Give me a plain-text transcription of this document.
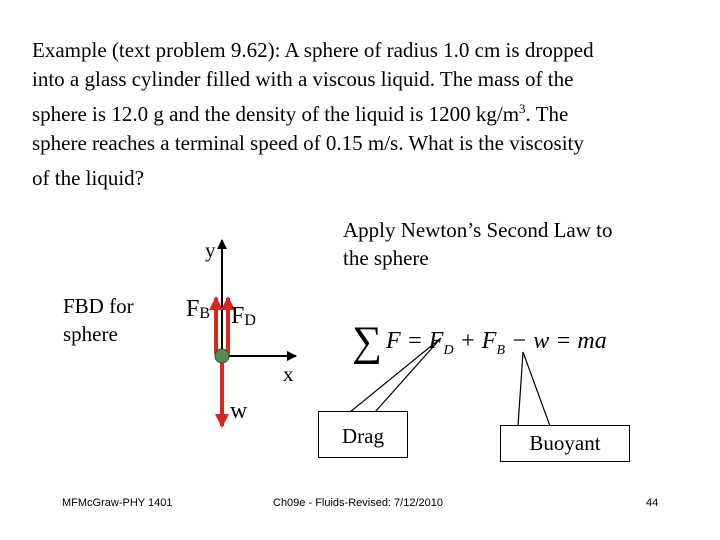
Example (text problem 9.62): A sphere of radius 1.0 cm is dropped
into a glass cylinder filled with a viscous liquid. The mass of the
sphere is 12.0 g and the density of the liquid is 1200 $kg/m^3$. The
sphere reaches a terminal speed of 0.15 m/s. What is the viscosity
of the liquid?
FBD for
sphere
Apply Newton’s Second Law to
the sphere
y
x
FB FD
w
∑ $F = F_D + F_B - w$ = ma
Drag	Buoyant
MFMcGraw-PHY 1401	Ch09e - Fluids-Revised: 7/12/2010	44
